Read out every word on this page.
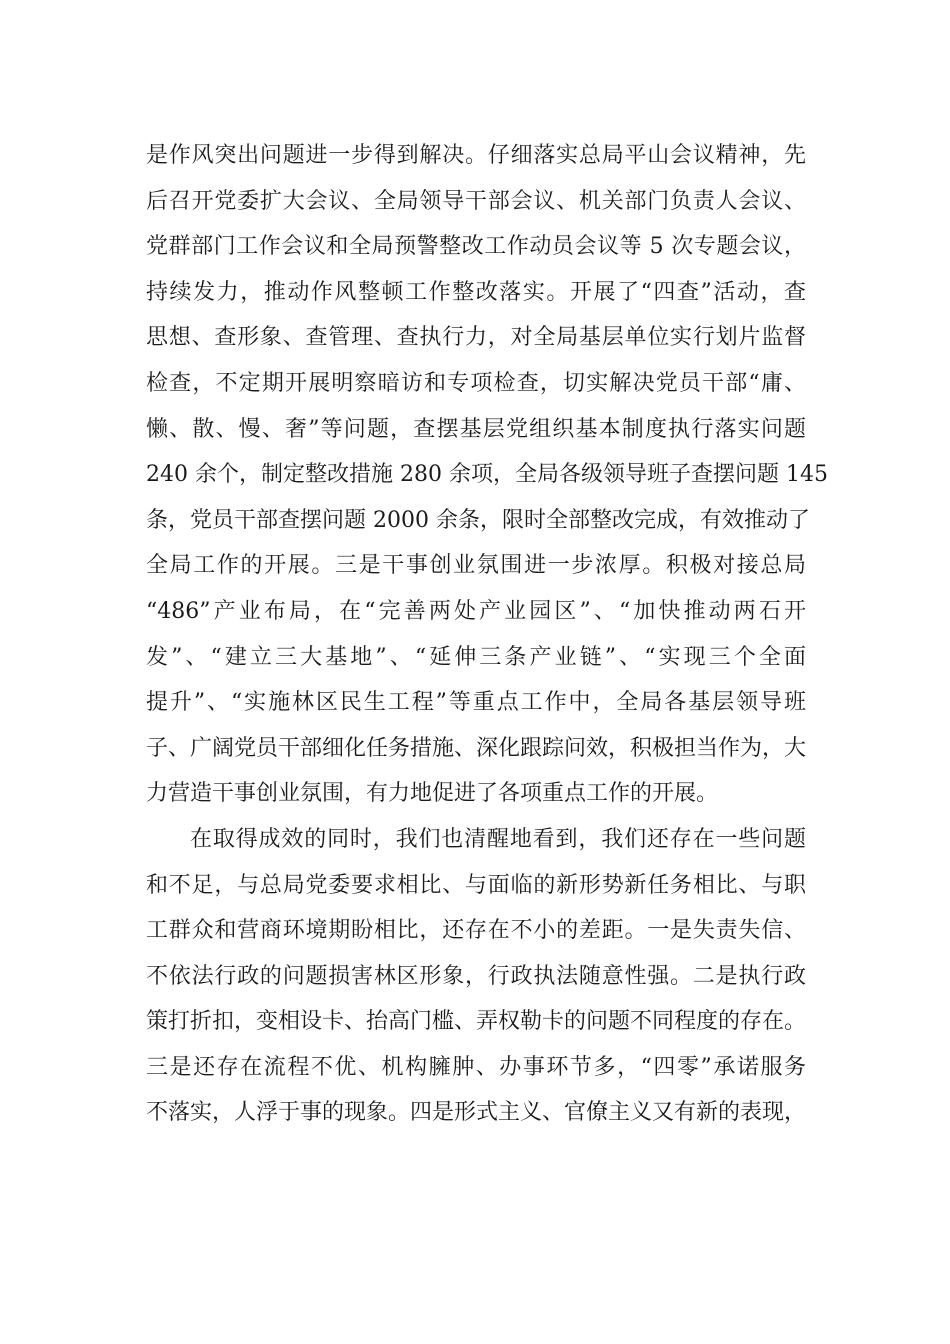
是作风突出问题进一步得到解决。仔细落实总局平山会议精神，先
后召开党委扩大会议、全局领导干部会议、机关部门负责人会议、
党群部门工作会议和全局预警整改工作动员会议等 5 次专题会议，
持续发力，推动作风整顿工作整改落实。开展了“四查”活动，查
思想、查形象、查管理、查执行力，对全局基层单位实行划片监督
检查，不定期开展明察暗访和专项检查，切实解决党员干部“庸、
懒、散、慢、奢”等问题，查摆基层党组织基本制度执行落实问题
240 余个，制定整改措施 280 余项，全局各级领导班子查摆问题 145
条，党员干部查摆问题 2000 余条，限时全部整改完成，有效推动了
全局工作的开展。三是干事创业氛围进一步浓厚。积极对接总局
“486”产业布局，在“完善两处产业园区”、“加快推动两石开
发”、“建立三大基地”、“延伸三条产业链”、“实现三个全面
提升”、“实施林区民生工程”等重点工作中，全局各基层领导班
子、广阔党员干部细化任务措施、深化跟踪问效，积极担当作为，大
力营造干事创业氛围，有力地促进了各项重点工作的开展。
在取得成效的同时，我们也清醒地看到，我们还存在一些问题
和不足，与总局党委要求相比、与面临的新形势新任务相比、与职
工群众和营商环境期盼相比，还存在不小的差距。一是失责失信、
不依法行政的问题损害林区形象，行政执法随意性强。二是执行政
策打折扣，变相设卡、抬高门槛、弄权勒卡的问题不同程度的存在。
三是还存在流程不优、机构臃肿、办事环节多，“四零”承诺服务
不落实，人浮于事的现象。四是形式主义、官僚主义又有新的表现，
